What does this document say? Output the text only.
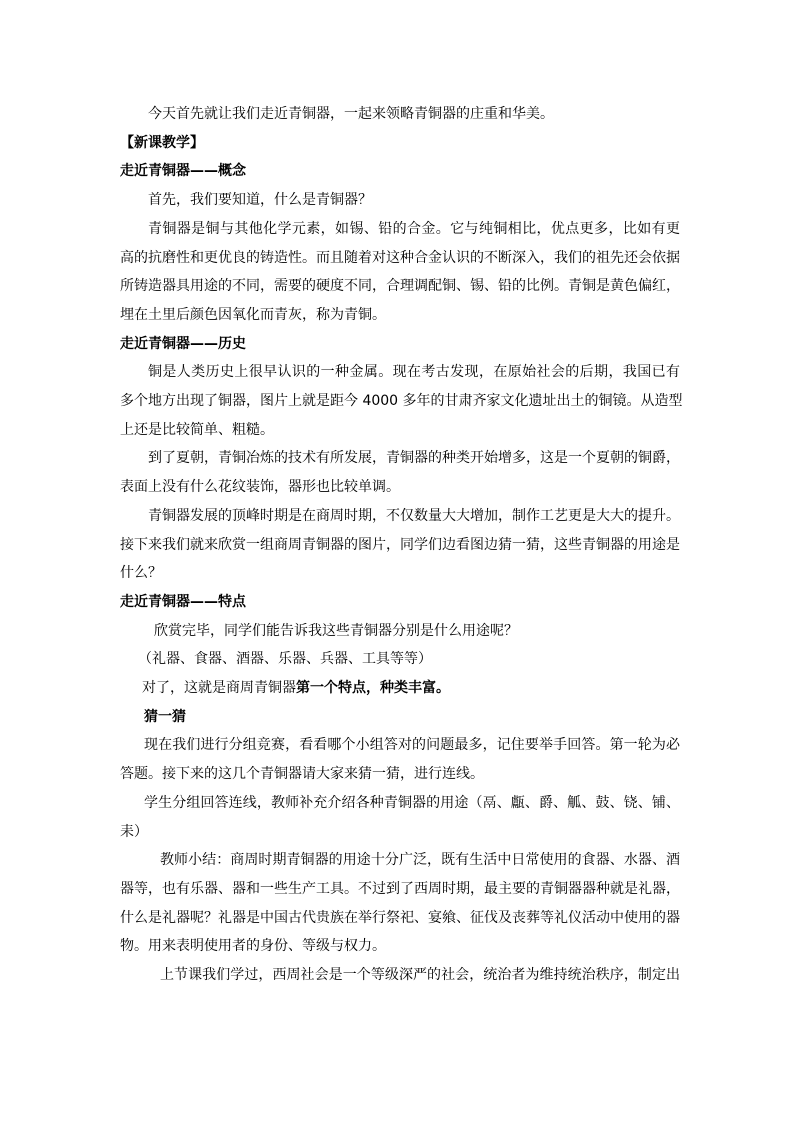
今天首先就让我们走近青铜器，一起来领略青铜器的庄重和华美。
【新课教学】
走近青铜器——概念
首先，我们要知道，什么是青铜器？
青铜器是铜与其他化学元素，如锡、铅的合金。它与纯铜相比，优点更多，比如有更
高的抗磨性和更优良的铸造性。而且随着对这种合金认识的不断深入，我们的祖先还会依据
所铸造器具用途的不同，需要的硬度不同，合理调配铜、锡、铅的比例。青铜是黄色偏红，
埋在土里后颜色因氧化而青灰，称为青铜。
走近青铜器——历史
铜是人类历史上很早认识的一种金属。现在考古发现，在原始社会的后期，我国已有
多个地方出现了铜器，图片上就是距今 4000 多年的甘肃齐家文化遗址出土的铜镜。从造型
上还是比较简单、粗糙。
到了夏朝，青铜冶炼的技术有所发展，青铜器的种类开始增多，这是一个夏朝的铜爵，
表面上没有什么花纹装饰，器形也比较单调。
青铜器发展的顶峰时期是在商周时期，不仅数量大大增加，制作工艺更是大大的提升。
接下来我们就来欣赏一组商周青铜器的图片，同学们边看图边猜一猜，这些青铜器的用途是
什么？
走近青铜器——特点
欣赏完毕，同学们能告诉我这些青铜器分别是什么用途呢？
（礼器、食器、酒器、乐器、兵器、工具等等）
对了，这就是商周青铜器第一个特点，种类丰富。
猜一猜
现在我们进行分组竞赛，看看哪个小组答对的问题最多，记住要举手回答。第一轮为必
答题。接下来的这几个青铜器请大家来猜一猜，进行连线。
学生分组回答连线，教师补充介绍各种青铜器的用途（鬲、甗、爵、觚、鼓、铙、铺、
耒）
教师小结：商周时期青铜器的用途十分广泛，既有生活中日常使用的食器、水器、酒
器等，也有乐器、器和一些生产工具。不过到了西周时期，最主要的青铜器器种就是礼器，
什么是礼器呢？礼器是中国古代贵族在举行祭祀、宴飨、征伐及丧葬等礼仪活动中使用的器
物。用来表明使用者的身份、等级与权力。
上节课我们学过，西周社会是一个等级深严的社会，统治者为维持统治秩序，制定出
